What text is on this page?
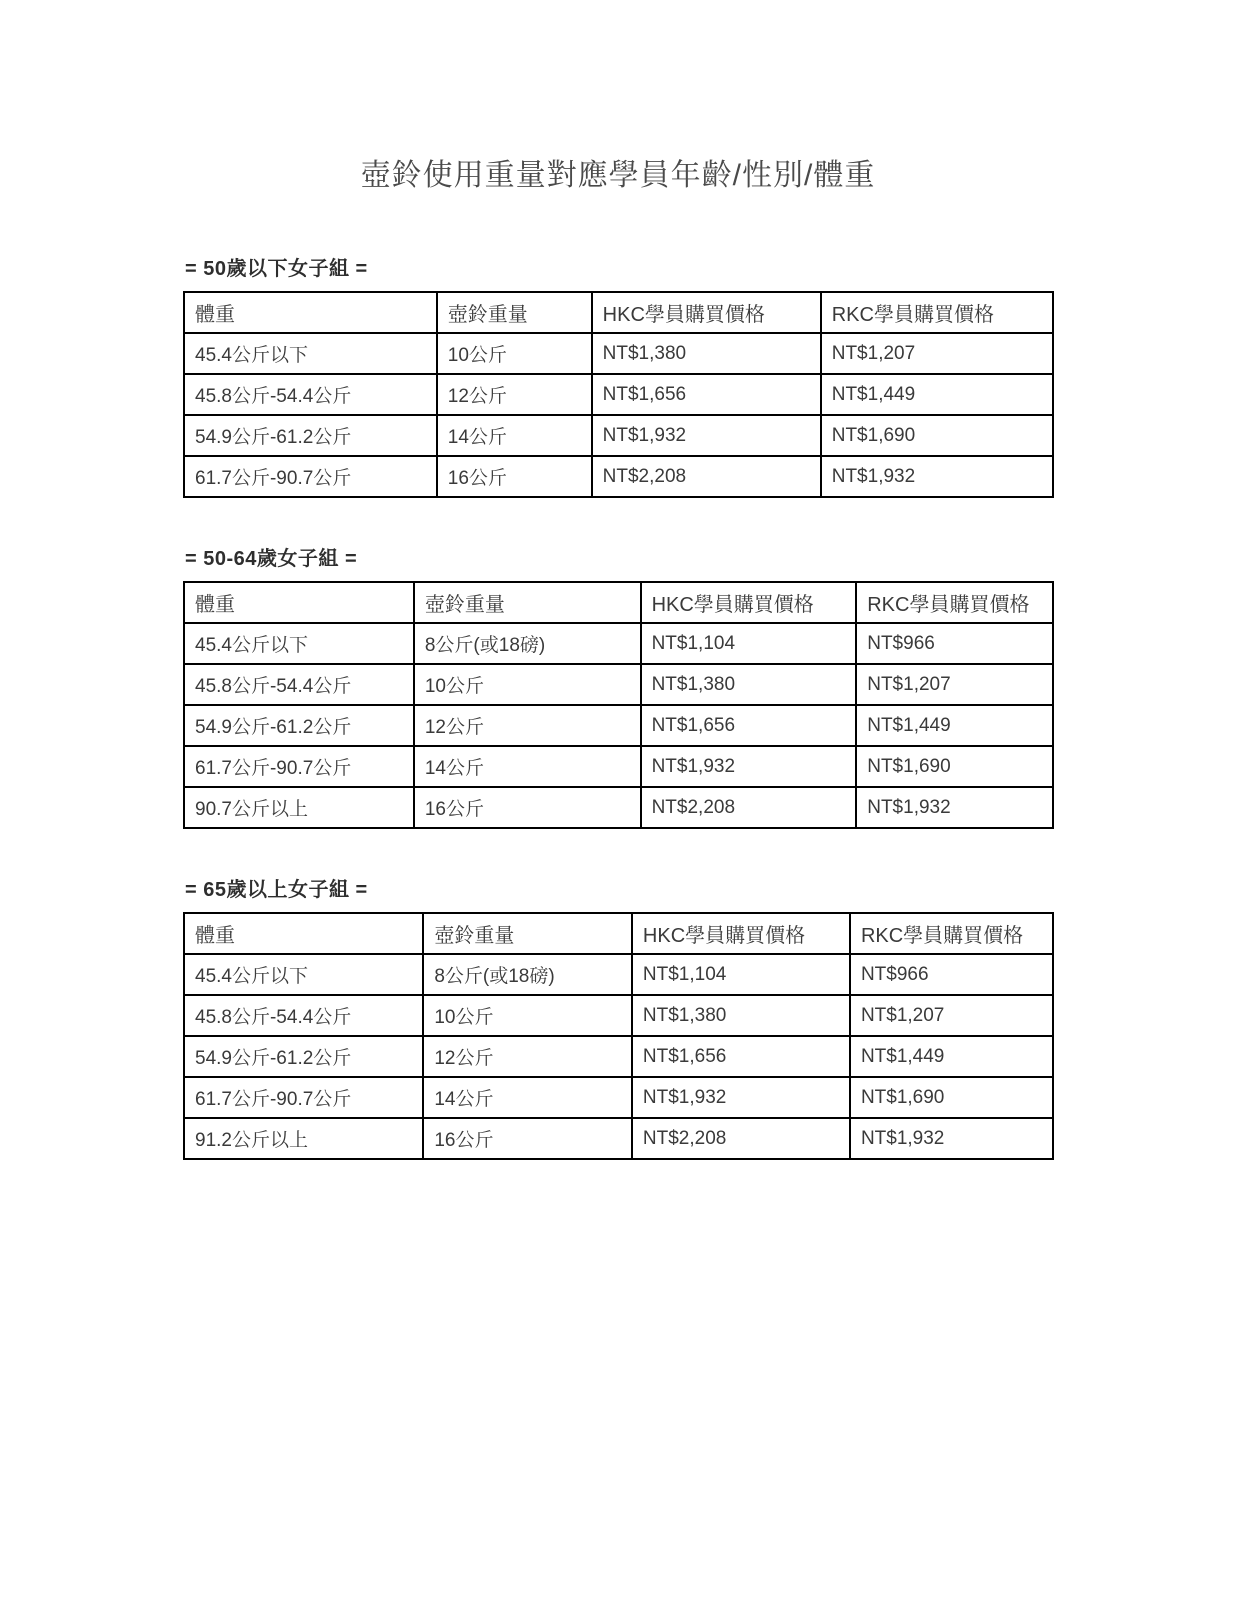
壺鈴使用重量對應學員年齡/性別/體重
= 50歲以下女子組 =
體重	壺鈴重量	HKC學員購買價格	RKC學員購買價格
45.4公斤以下	10公斤	NT$1,380	NT$1,207
45.8公斤-54.4公斤	12公斤	NT$1,656	NT$1,449
54.9公斤-61.2公斤	14公斤	NT$1,932	NT$1,690
61.7公斤-90.7公斤	16公斤	NT$2,208	NT$1,932
= 50-64歲女子組 =
體重	壺鈴重量	HKC學員購買價格	RKC學員購買價格
45.4公斤以下	8公斤(或18磅)	NT$1,104	NT$966
45.8公斤-54.4公斤	10公斤	NT$1,380	NT$1,207
54.9公斤-61.2公斤	12公斤	NT$1,656	NT$1,449
61.7公斤-90.7公斤	14公斤	NT$1,932	NT$1,690
90.7公斤以上	16公斤	NT$2,208	NT$1,932
= 65歲以上女子組 =
體重	壺鈴重量	HKC學員購買價格	RKC學員購買價格
45.4公斤以下	8公斤(或18磅)	NT$1,104	NT$966
45.8公斤-54.4公斤	10公斤	NT$1,380	NT$1,207
54.9公斤-61.2公斤	12公斤	NT$1,656	NT$1,449
61.7公斤-90.7公斤	14公斤	NT$1,932	NT$1,690
91.2公斤以上	16公斤	NT$2,208	NT$1,932
